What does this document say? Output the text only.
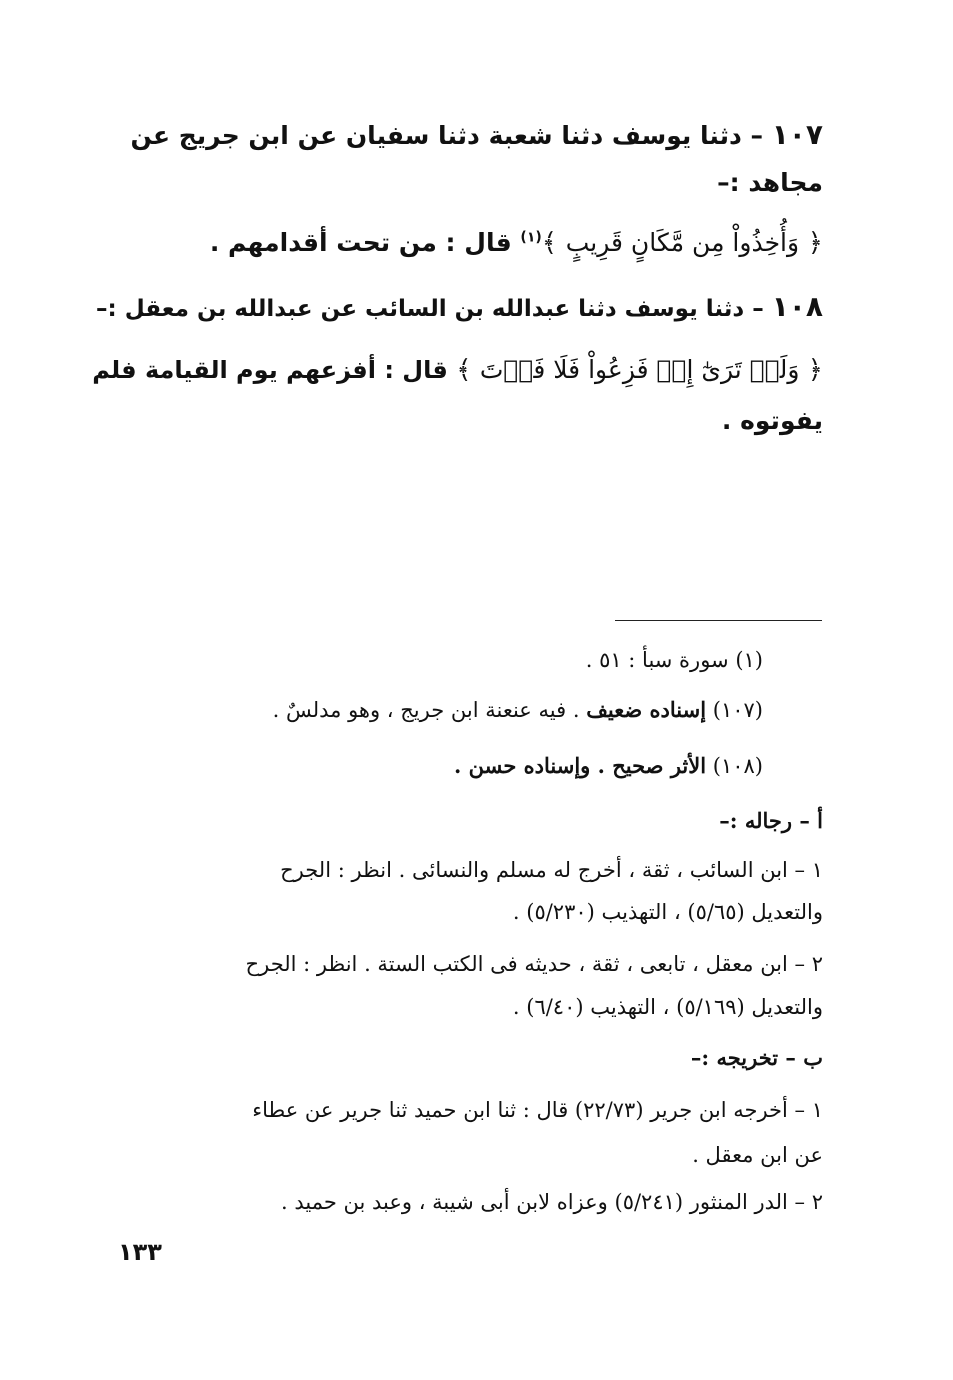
١٠٧ – دثنا يوسف دثنا شعبة دثنا سفيان عن ابن جريج عن
مجاهد :–
﴿ وَأُخِذُواْ مِن مَّكَانٍ قَرِيبٍ ﴾$^{(١)}$ قال : من تحت أقدامهم .
١٠٨ – دثنا يوسف دثنا عبدالله بن السائب عن عبدالله بن معقل :–
﴿ وَلَوۡ تَرَىٰٓ إِذۡ فَزِعُواْ فَلَا فَوۡتَ ﴾ قال : أفزعهم يوم القيامة فلم
يفوتوه .
(١) سورة سبأ : ٥١ .
(١٠٧) إسناده ضعيف . فيه عنعنة ابن جريج ، وهو مدلسٌ .
(١٠٨) الأثر صحيح . وإسناده حسن .
أ – رجاله :–
١ – ابن السائب ، ثقة ، أخرج له مسلم والنسائى . انظر : الجرح
والتعديل (٥/٦٥) ، التهذيب (٥/٢٣٠) .
٢ – ابن معقل ، تابعى ، ثقة ، حديثه فى الكتب الستة . انظر : الجرح
والتعديل (٥/١٦٩) ، التهذيب (٦/٤٠) .
ب – تخريجه :–
١ – أخرجه ابن جرير (٢٢/٧٣) قال : ثنا ابن حميد ثنا جرير عن عطاء
عن ابن معقل .
٢ – الدر المنثور (٥/٢٤١) وعزاه لابن أبى شيبة ، وعبد بن حميد .
١٣٣
